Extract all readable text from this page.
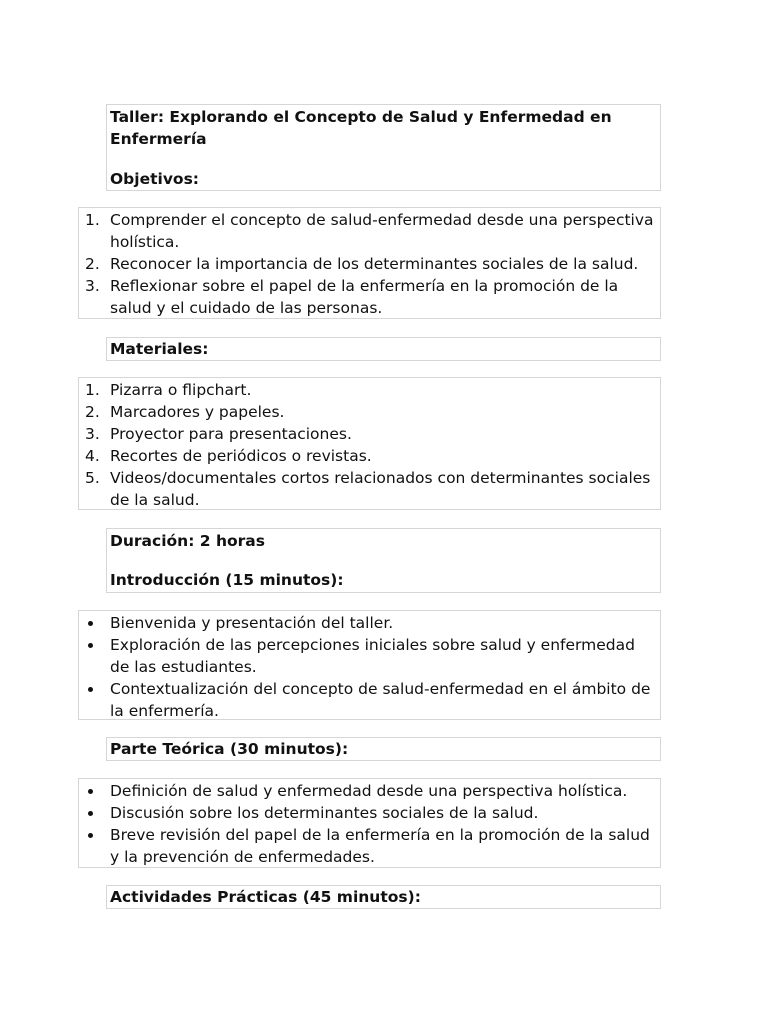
Taller: Explorando el Concepto de Salud y Enfermedad en
Enfermería
Objetivos:
1. Comprender el concepto de salud-enfermedad desde una perspectiva holística.
2. Reconocer la importancia de los determinantes sociales de la salud.
3. Reflexionar sobre el papel de la enfermería en la promoción de la salud y el cuidado de las personas.
Materiales:
1. Pizarra o flipchart.
2. Marcadores y papeles.
3. Proyector para presentaciones.
4. Recortes de periódicos o revistas.
5. Videos/documentales cortos relacionados con determinantes sociales de la salud.
Duración: 2 horas
Introducción (15 minutos):
Bienvenida y presentación del taller.
Exploración de las percepciones iniciales sobre salud y enfermedad de las estudiantes.
Contextualización del concepto de salud-enfermedad en el ámbito de la enfermería.
Parte Teórica (30 minutos):
Definición de salud y enfermedad desde una perspectiva holística.
Discusión sobre los determinantes sociales de la salud.
Breve revisión del papel de la enfermería en la promoción de la salud y la prevención de enfermedades.
Actividades Prácticas (45 minutos):
